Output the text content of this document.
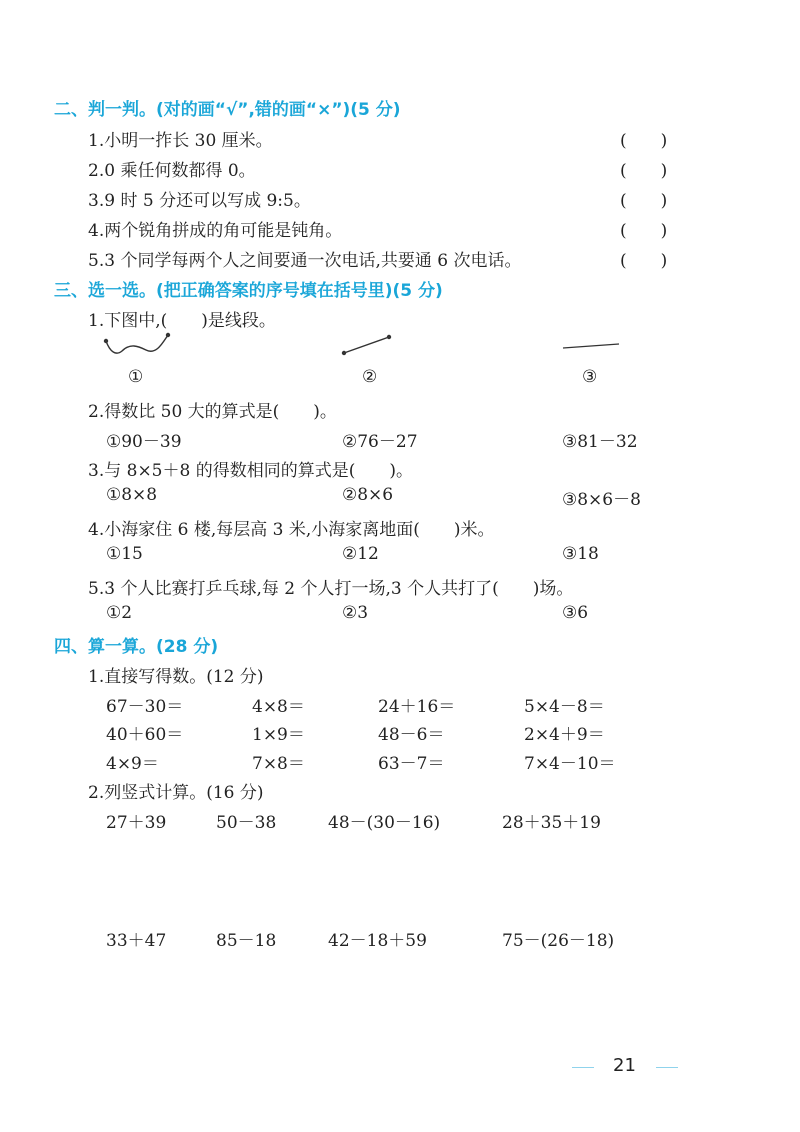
二、判一判。(对的画“√”,错的画“×”)(5 分)
1.小明一拃长 30 厘米。	(　　)
2.0 乘任何数都得 0。	(　　)
3.9 时 5 分还可以写成 9:5。	(　　)
4.两个锐角拼成的角可能是钝角。	(　　)
5.3 个同学每两个人之间要通一次电话,共要通 6 次电话。	(　　)
三、选一选。(把正确答案的序号填在括号里)(5 分)
1.下图中,(　　)是线段。
①	②	③
2.得数比 50 大的算式是(　　)。
①90－39	②76－27	③81－32
3.与 8×5＋8 的得数相同的算式是(　　)。
①8×8	②8×6	③8×6－8
4.小海家住 6 楼,每层高 3 米,小海家离地面(　　)米。
①15	②12	③18
5.3 个人比赛打乒乓球,每 2 个人打一场,3 个人共打了(　　)场。
①2	②3	③6
四、算一算。(28 分)
1.直接写得数。(12 分)
67－30＝	4×8＝	24＋16＝	5×4－8＝
40＋60＝	1×9＝	48－6＝	2×4＋9＝
4×9＝	7×8＝	63－7＝	7×4－10＝
2.列竖式计算。(16 分)
27＋39	50－38	48－(30－16)	28＋35＋19
33＋47	85－18	42－18＋59	75－(26－18)
21
